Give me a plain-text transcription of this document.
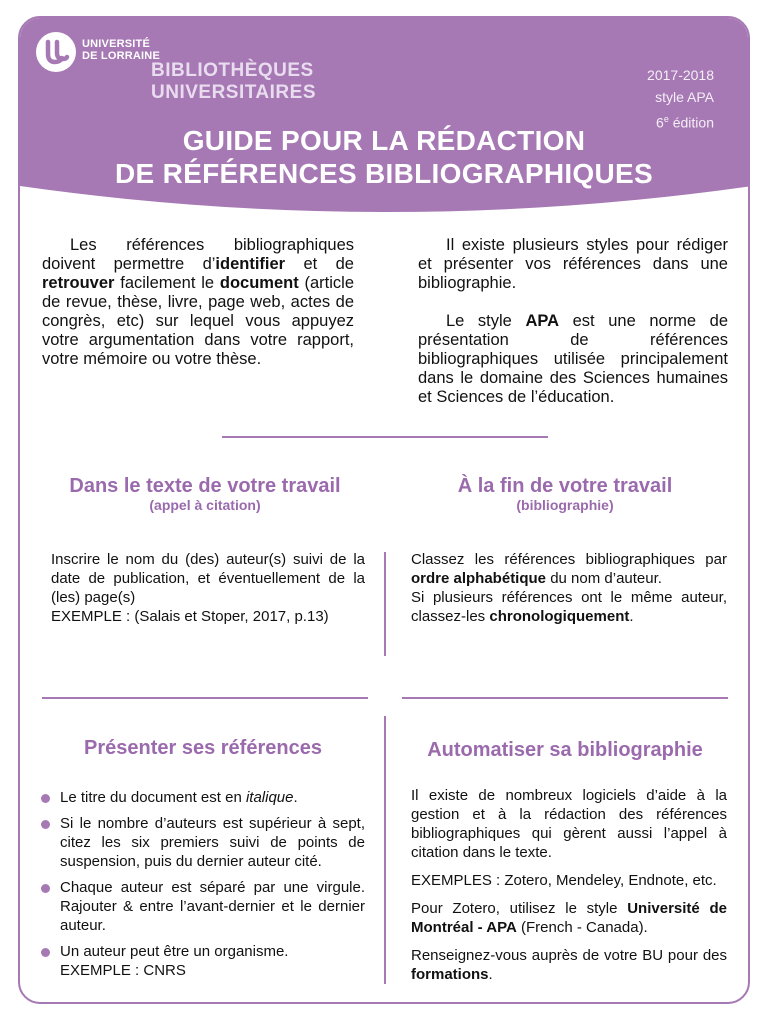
UNIVERSITÉ
DE LORRAINE
BIBLIOTHÈQUES
UNIVERSITAIRES
2017-2018
style APA
6e édition
GUIDE POUR LA RÉDACTION
DE RÉFÉRENCES BIBLIOGRAPHIQUES

Les références bibliographiques doivent permettre d’identifier et de retrouver facilement le document (article de revue, thèse, livre, page web, actes de congrès, etc) sur lequel vous appuyez votre argumentation dans votre rapport, votre mémoire ou votre thèse.

Il existe plusieurs styles pour rédiger et présenter vos références dans une bibliographie.

Le style APA est une norme de présentation de références bibliographiques utilisée principalement dans le domaine des Sciences humaines et Sciences de l’éducation.

Dans le texte de votre travail
(appel à citation)
À la fin de votre travail
(bibliographie)

Inscrire le nom du (des) auteur(s) suivi de la date de publication, et éventuellement de la (les) page(s)

EXEMPLE : (Salais et Stoper, 2017, p.13)

Classez les références bibliographiques par ordre alphabétique du nom d’auteur.

Si plusieurs références ont le même auteur, classez-les chronologiquement.

Présenter ses références	Automatiser sa bibliographie
Le titre du document est en italique.
Si le nombre d’auteurs est supérieur à sept, citez les six premiers suivi de points de suspension, puis du dernier auteur cité.
Chaque auteur est séparé par une virgule. Rajouter & entre l’avant-dernier et le dernier auteur.
Un auteur peut être un organisme.
EXEMPLE : CNRS

Il existe de nombreux logiciels d’aide à la gestion et à la rédaction des références bibliographiques qui gèrent aussi l’appel à citation dans le texte.

EXEMPLES : Zotero, Mendeley, Endnote, etc.

Pour Zotero, utilisez le style Université de Montréal - APA (French - Canada).

Renseignez-vous auprès de votre BU pour des formations.
